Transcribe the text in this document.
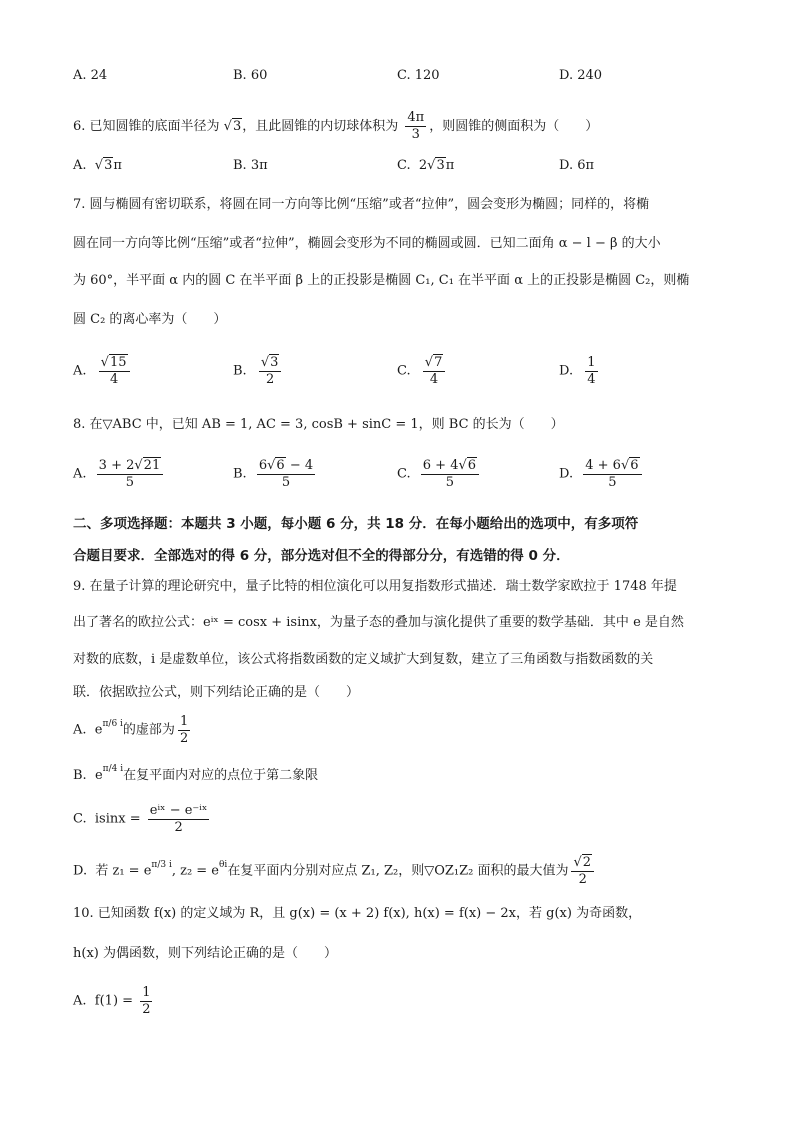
A. 24	B. 60	C. 120	D. 240
6. 已知圆锥的底面半径为 √3，且此圆锥的内切球体积为 $\frac{4\pi}{3}$ ，则圆锥的侧面积为（　　）
A. √3π	B. 3π	C. 2√3π	D. 6π
7. 圆与椭圆有密切联系，将圆在同一方向等比例“压缩”或者“拉伸”，圆会变形为椭圆；同样的，将椭
圆在同一方向等比例“压缩”或者“拉伸”，椭圆会变形为不同的椭圆或圆．已知二面角 α − l − β 的大小
为 60°，半平面 α 内的圆 C 在半平面 β 上的正投影是椭圆 C₁, C₁ 在半平面 α 上的正投影是椭圆 C₂，则椭
圆 C₂ 的离心率为（　　）
A. $\frac{√15}{4}$	B. $\frac{√3}{2}$	C. $\frac{√7}{4}$	D. $\frac{1}{4}$
8. 在▽ABC 中，已知 AB = 1, AC = 3, cosB + sinC = 1，则 BC 的长为（　　）
A. $\frac{3 + 2√21}{5}$	B. $\frac{6√6 - 4}{5}$	C. $\frac{6 + 4√6}{5}$	D. $\frac{4 + 6√6}{5}$
二、多项选择题：本题共 3 小题，每小题 6 分，共 18 分．在每小题给出的选项中，有多项符
合题目要求．全部选对的得 6 分，部分选对但不全的得部分分，有选错的得 0 分．
9. 在量子计算的理论研究中，量子比特的相位演化可以用复指数形式描述．瑞士数学家欧拉于 1748 年提
出了著名的欧拉公式：eⁱˣ = cosx + isinx，为量子态的叠加与演化提供了重要的数学基础．其中 e 是自然
对数的底数，i 是虚数单位，该公式将指数函数的定义域扩大到复数，建立了三角函数与指数函数的关
联．依据欧拉公式，则下列结论正确的是（　　）
A. $e^{\pi/6 i}$的虚部为 $\frac{1}{2}$
B. $e^{\pi/4 i}$在复平面内对应的点位于第二象限
C. $isinx = \frac{\text{eⁱˣ − e⁻ⁱˣ}}{2}$
D. 若 $z_1 = e^{\pi/3 i}$, $z_2 = e^{\theta i}$在复平面内分别对应点 Z₁, Z₂，则▽OZ₁Z₂ 面积的最大值为 $\frac{√2}{2}$
10. 已知函数 f(x) 的定义域为 R，且 g(x) = (x + 2) f(x), h(x) = f(x) − 2x，若 g(x) 为奇函数，
h(x) 为偶函数，则下列结论正确的是（　　）
A. $f(1) = \frac{1}{2}$
